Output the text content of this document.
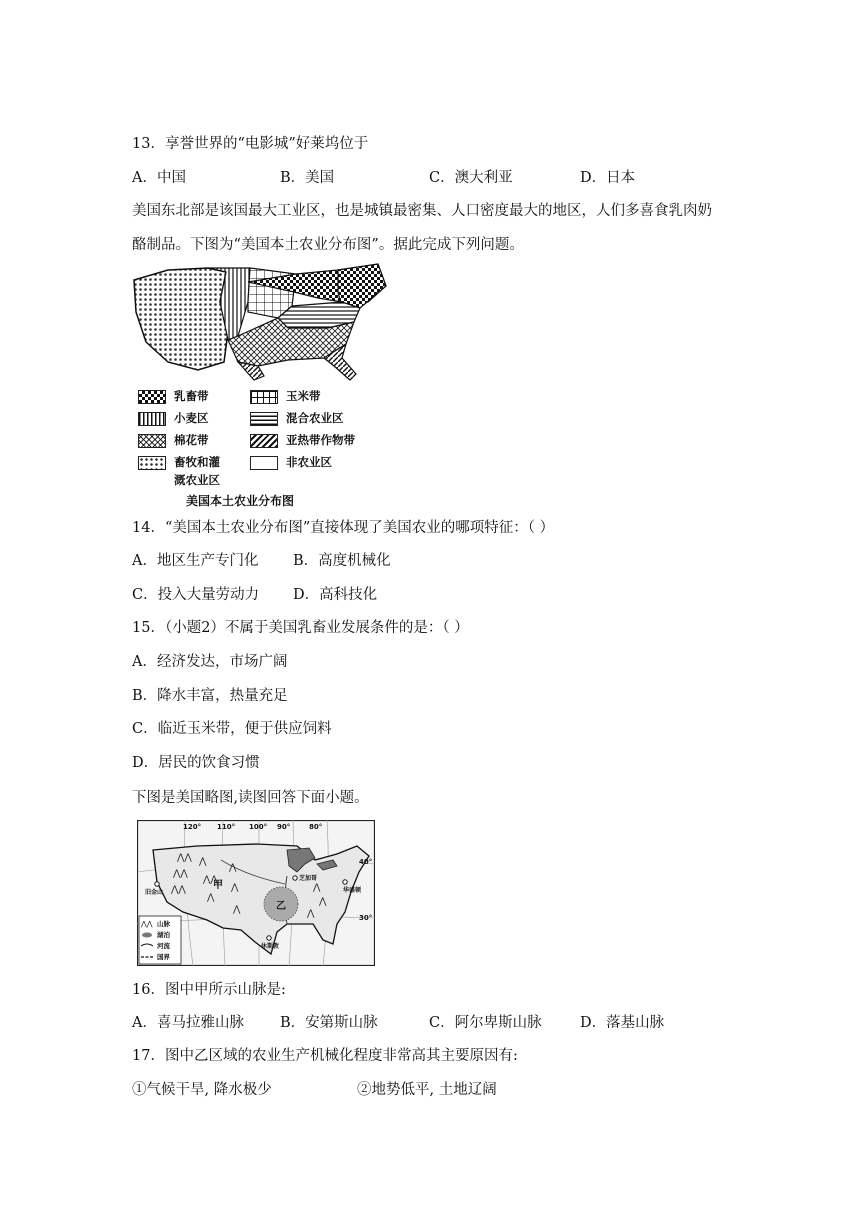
13．享誉世界的“电影城”好莱坞位于
A．中国	B．美国	C．澳大利亚	D．日本
美国东北部是该国最大工业区，也是城镇最密集、人口密度最大的地区，人们多喜食乳肉奶
酪制品。下图为“美国本土农业分布图”。据此完成下列问题。
乳畜带	玉米带
小麦区	混合农业区
棉花带	亚热带作物带
畜牧和灌
溉农业区
非农业区
美国本土农业分布图
14．“美国本土农业分布图”直接体现了美国农业的哪项特征：（ ）
A．地区生产专门化 B．高度机械化
C．投入大量劳动力 D．高科技化
15．（小题2）不属于美国乳畜业发展条件的是：（ ）
A．经济发达，市场广阔
B．降水丰富，热量充足
C．临近玉米带，便于供应饲料
D．居民的饮食习惯
下图是美国略图,读图回答下面小题。
⋀⋀
⋀⋀
⋀⋀
⋀
⋀⋀
⋀
⋀
⋀
⋀
⋀
⋀
⋀
⋀⋀
120° 110° 100° 90°	80°
40°
30°
甲
乙
旧金山
芝加哥
华盛顿
休斯敦
山脉
湖泊
河流
国界
16．图中甲所示山脉是:
A．喜马拉雅山脉 B．安第斯山脉	C．阿尔卑斯山脉	D．落基山脉
17．图中乙区域的农业生产机械化程度非常高其主要原因有:
①气候干旱, 降水极少	②地势低平, 土地辽阔
